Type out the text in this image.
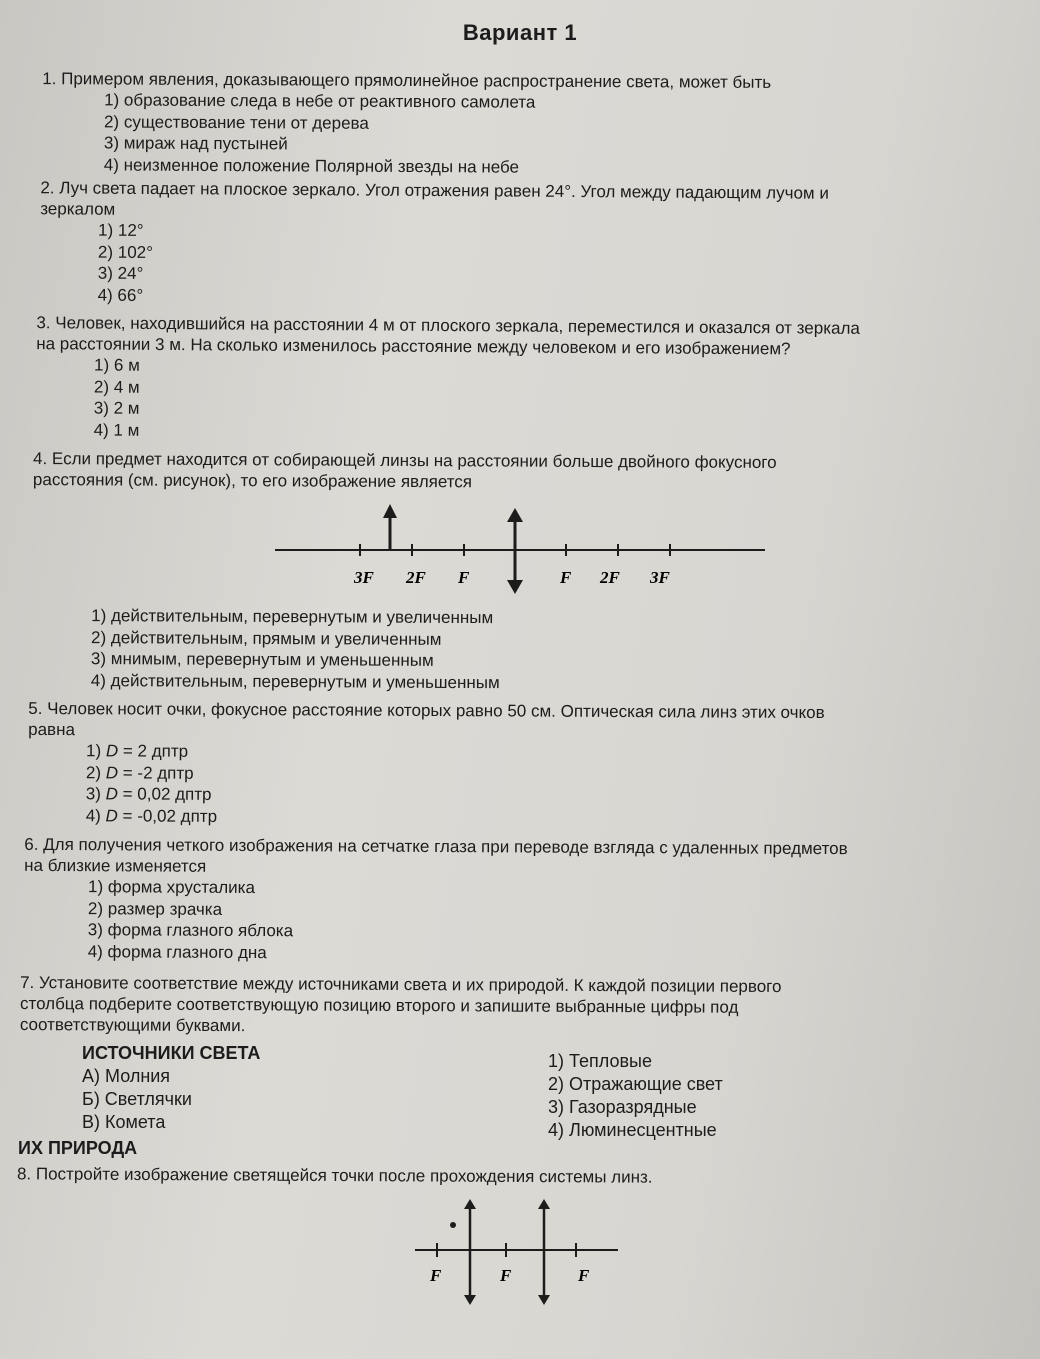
Вариант 1
1. Примером явления, доказывающего прямолинейное распространение света, может быть
1) образование следа в небе от реактивного самолета
2) существование тени от дерева
3) мираж над пустыней
4) неизменное положение Полярной звезды на небе
2. Луч света падает на плоское зеркало. Угол отражения равен 24°. Угол между падающим лучом и
зеркалом
1) 12°
2) 102°
3) 24°
4) 66°
3. Человек, находившийся на расстоянии 4 м от плоского зеркала, переместился и оказался от зеркала
на расстоянии 3 м. На сколько изменилось расстояние между человеком и его изображением?
1) 6 м
2) 4 м
3) 2 м
4) 1 м
4. Если предмет находится от собирающей линзы на расстоянии больше двойного фокусного
расстояния (см. рисунок), то его изображение является
3F 2F F	F 2F 3F
1) действительным, перевернутым и увеличенным
2) действительным, прямым и увеличенным
3) мнимым, перевернутым и уменьшенным
4) действительным, перевернутым и уменьшенным
5. Человек носит очки, фокусное расстояние которых равно 50 см. Оптическая сила линз этих очков
равна
1) D = 2 дптр
2) D = -2 дптр
3) D = 0,02 дптр
4) D = -0,02 дптр
6. Для получения четкого изображения на сетчатке глаза при переводе взгляда с удаленных предметов
на близкие изменяется
1) форма хрусталика
2) размер зрачка
3) форма глазного яблока
4) форма глазного дна
7. Установите соответствие между источниками света и их природой. К каждой позиции первого
столбца подберите соответствующую позицию второго и запишите выбранные цифры под
соответствующими буквами.
ИСТОЧНИКИ СВЕТА
А) Молния
Б) Светлячки
В) Комета
1) Тепловые
2) Отражающие свет
3) Газоразрядные
4) Люминесцентные
ИХ ПРИРОДА
8. Постройте изображение светящейся точки после прохождения системы линз.
F	F	F
